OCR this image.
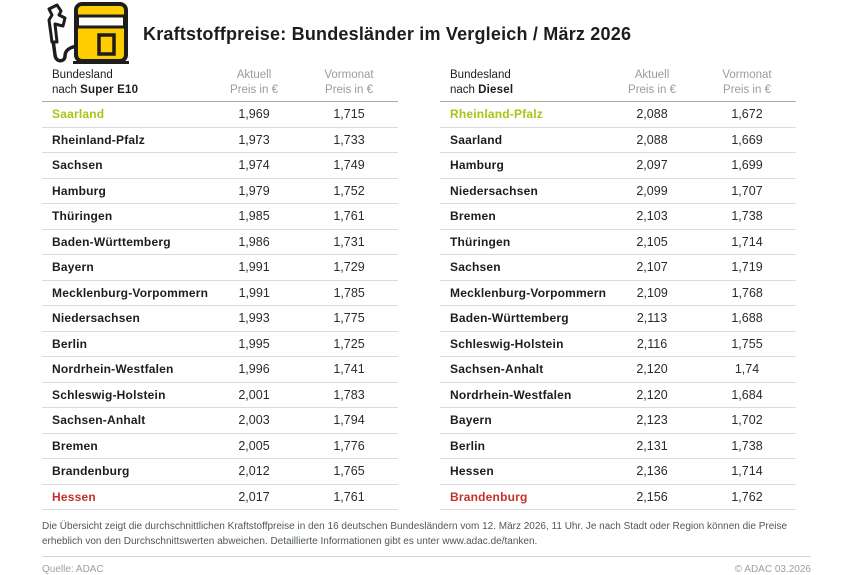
Kraftstoffpreise: Bundesländer im Vergleich / März 2026
Bundesland
nach Super E10
Aktuell
Preis in €
Vormonat
Preis in €
Saarland	1,969	1,715
Rheinland-Pfalz	1,973	1,733
Sachsen	1,974	1,749
Hamburg	1,979	1,752
Thüringen	1,985	1,761
Baden-Württemberg	1,986	1,731
Bayern	1,991	1,729
Mecklenburg-Vorpommern	1,991	1,785
Niedersachsen	1,993	1,775
Berlin	1,995	1,725
Nordrhein-Westfalen	1,996	1,741
Schleswig-Holstein	2,001	1,783
Sachsen-Anhalt	2,003	1,794
Bremen	2,005	1,776
Brandenburg	2,012	1,765
Hessen	2,017	1,761
Bundesland
nach Diesel
Aktuell
Preis in €
Vormonat
Preis in €
Rheinland-Pfalz	2,088	1,672
Saarland	2,088	1,669
Hamburg	2,097	1,699
Niedersachsen	2,099	1,707
Bremen	2,103	1,738
Thüringen	2,105	1,714
Sachsen	2,107	1,719
Mecklenburg-Vorpommern	2,109	1,768
Baden-Württemberg	2,113	1,688
Schleswig-Holstein	2,116	1,755
Sachsen-Anhalt	2,120	1,74
Nordrhein-Westfalen	2,120	1,684
Bayern	2,123	1,702
Berlin	2,131	1,738
Hessen	2,136	1,714
Brandenburg	2,156	1,762
Die Übersicht zeigt die durchschnittlichen Kraftstoffpreise in den 16 deutschen Bundesländern vom 12. März 2026, 11 Uhr. Je nach Stadt oder Region können die Preise erheblich von den Durchschnittswerten abweichen. Detaillierte Informationen gibt es unter www.adac.de/tanken.
Quelle: ADAC	© ADAC 03.2026
